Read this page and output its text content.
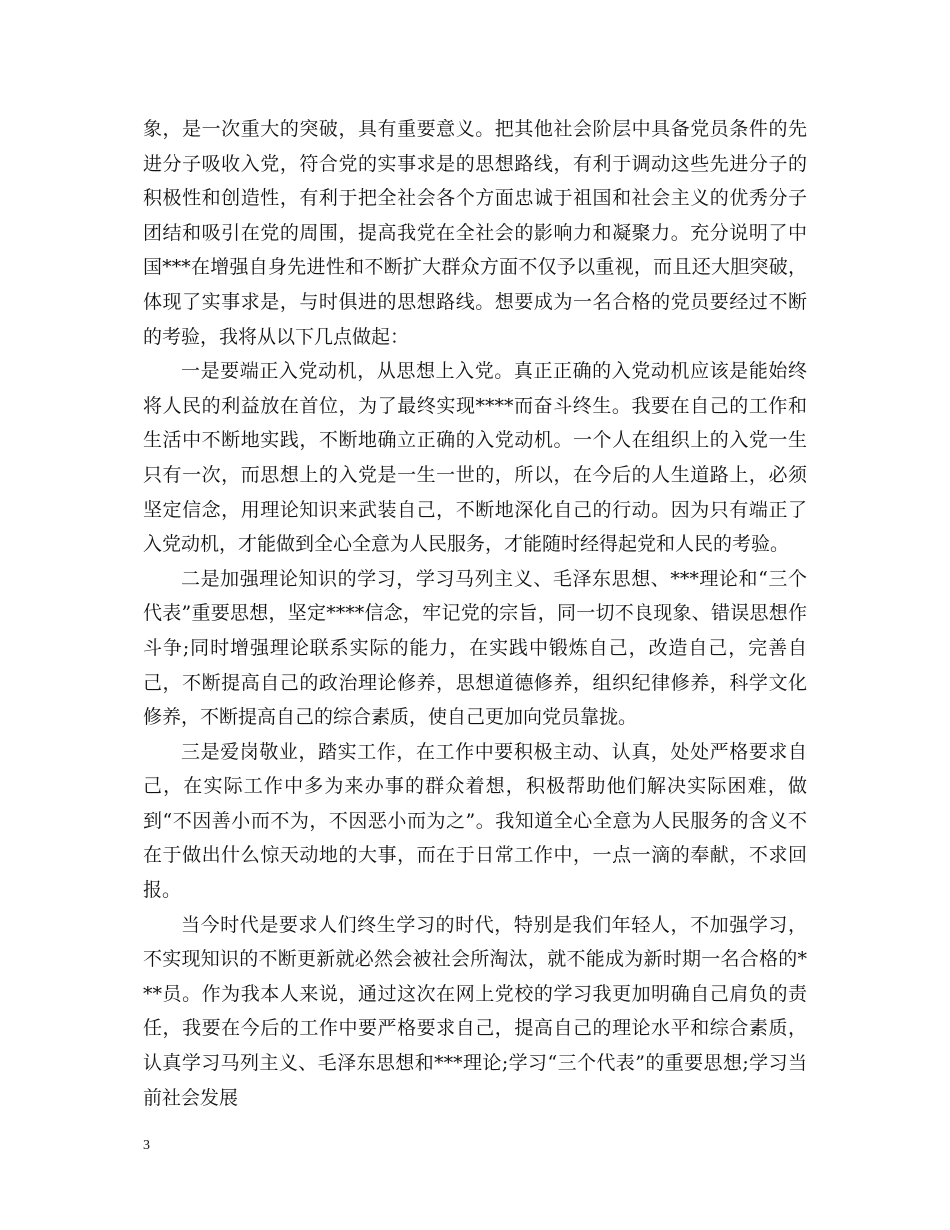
象，是一次重大的突破，具有重要意义。把其他社会阶层中具备党员条件的先进分子吸收入党，符合党的实事求是的思想路线，有利于调动这些先进分子的积极性和创造性，有利于把全社会各个方面忠诚于祖国和社会主义的优秀分子团结和吸引在党的周围，提高我党在全社会的影响力和凝聚力。充分说明了中国***在增强自身先进性和不断扩大群众方面不仅予以重视，而且还大胆突破，体现了实事求是，与时俱进的思想路线。想要成为一名合格的党员要经过不断的考验，我将从以下几点做起：

一是要端正入党动机，从思想上入党。真正正确的入党动机应该是能始终将人民的利益放在首位，为了最终实现****而奋斗终生。我要在自己的工作和生活中不断地实践，不断地确立正确的入党动机。一个人在组织上的入党一生只有一次，而思想上的入党是一生一世的，所以，在今后的人生道路上，必须坚定信念，用理论知识来武装自己，不断地深化自己的行动。因为只有端正了入党动机，才能做到全心全意为人民服务，才能随时经得起党和人民的考验。

二是加强理论知识的学习，学习马列主义、毛泽东思想、***理论和“三个代表”重要思想，坚定****信念，牢记党的宗旨，同一切不良现象、错误思想作斗争;同时增强理论联系实际的能力，在实践中锻炼自己，改造自己，完善自己，不断提高自己的政治理论修养，思想道德修养，组织纪律修养，科学文化修养，不断提高自己的综合素质，使自己更加向党员靠拢。

三是爱岗敬业，踏实工作，在工作中要积极主动、认真，处处严格要求自己，在实际工作中多为来办事的群众着想，积极帮助他们解决实际困难，做到“不因善小而不为，不因恶小而为之”。我知道全心全意为人民服务的含义不在于做出什么惊天动地的大事，而在于日常工作中，一点一滴的奉献，不求回报。

当今时代是要求人们终生学习的时代，特别是我们年轻人，不加强学习，不实现知识的不断更新就必然会被社会所淘汰，就不能成为新时期一名合格的***员。作为我本人来说，通过这次在网上党校的学习我更加明确自己肩负的责任，我要在今后的工作中要严格要求自己，提高自己的理论水平和综合素质，认真学习马列主义、毛泽东思想和***理论;学习“三个代表”的重要思想;学习当前社会发展

3
